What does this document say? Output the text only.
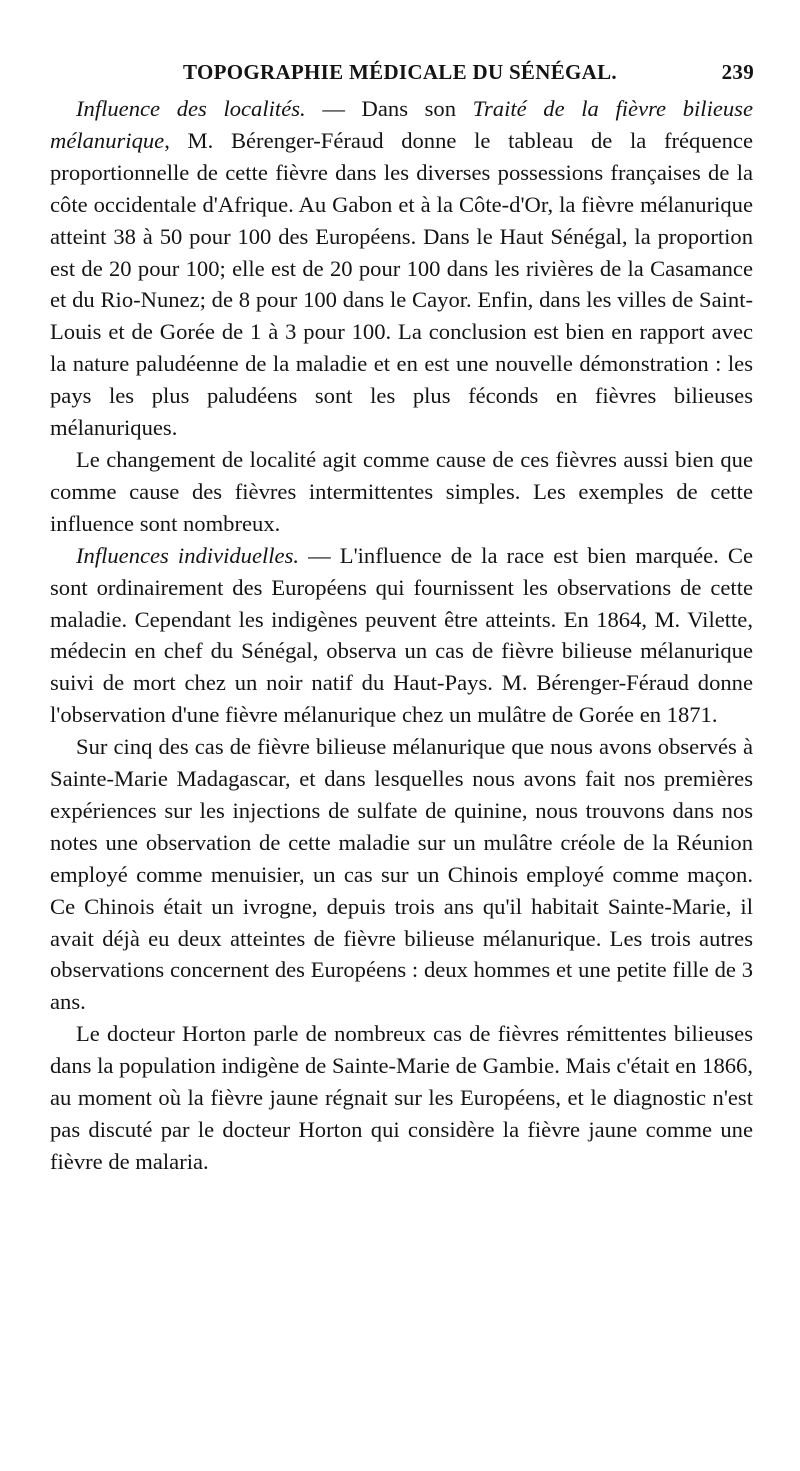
TOPOGRAPHIE MÉDICALE DU SÉNÉGAL.	239

Influence des localités. — Dans son Traité de la fièvre bilieuse mélanurique, M. Bérenger-Féraud donne le tableau de la fréquence proportionnelle de cette fièvre dans les diverses possessions françaises de la côte occidentale d'Afrique. Au Gabon et à la Côte-d'Or, la fièvre mélanurique atteint 38 à 50 pour 100 des Européens. Dans le Haut Sénégal, la proportion est de 20 pour 100; elle est de 20 pour 100 dans les rivières de la Casamance et du Rio-Nunez; de 8 pour 100 dans le Cayor. Enfin, dans les villes de Saint-Louis et de Gorée de 1 à 3 pour 100. La conclusion est bien en rapport avec la nature paludéenne de la maladie et en est une nouvelle démonstration : les pays les plus paludéens sont les plus féconds en fièvres bilieuses mélanuriques.

Le changement de localité agit comme cause de ces fièvres aussi bien que comme cause des fièvres intermittentes simples. Les exemples de cette influence sont nombreux.

Influences individuelles. — L'influence de la race est bien marquée. Ce sont ordinairement des Européens qui fournissent les observations de cette maladie. Cependant les indigènes peuvent être atteints. En 1864, M. Vilette, médecin en chef du Sénégal, observa un cas de fièvre bilieuse mélanurique suivi de mort chez un noir natif du Haut-Pays. M. Bérenger-Féraud donne l'observation d'une fièvre mélanurique chez un mulâtre de Gorée en 1871.

Sur cinq des cas de fièvre bilieuse mélanurique que nous avons observés à Sainte-Marie Madagascar, et dans lesquelles nous avons fait nos premières expériences sur les injections de sulfate de quinine, nous trouvons dans nos notes une observation de cette maladie sur un mulâtre créole de la Réunion employé comme menuisier, un cas sur un Chinois employé comme maçon. Ce Chinois était un ivrogne, depuis trois ans qu'il habitait Sainte-Marie, il avait déjà eu deux atteintes de fièvre bilieuse mélanurique. Les trois autres observations concernent des Européens : deux hommes et une petite fille de 3 ans.

Le docteur Horton parle de nombreux cas de fièvres rémittentes bilieuses dans la population indigène de Sainte-Marie de Gambie. Mais c'était en 1866, au moment où la fièvre jaune régnait sur les Européens, et le diagnostic n'est pas discuté par le docteur Horton qui considère la fièvre jaune comme une fièvre de malaria.
